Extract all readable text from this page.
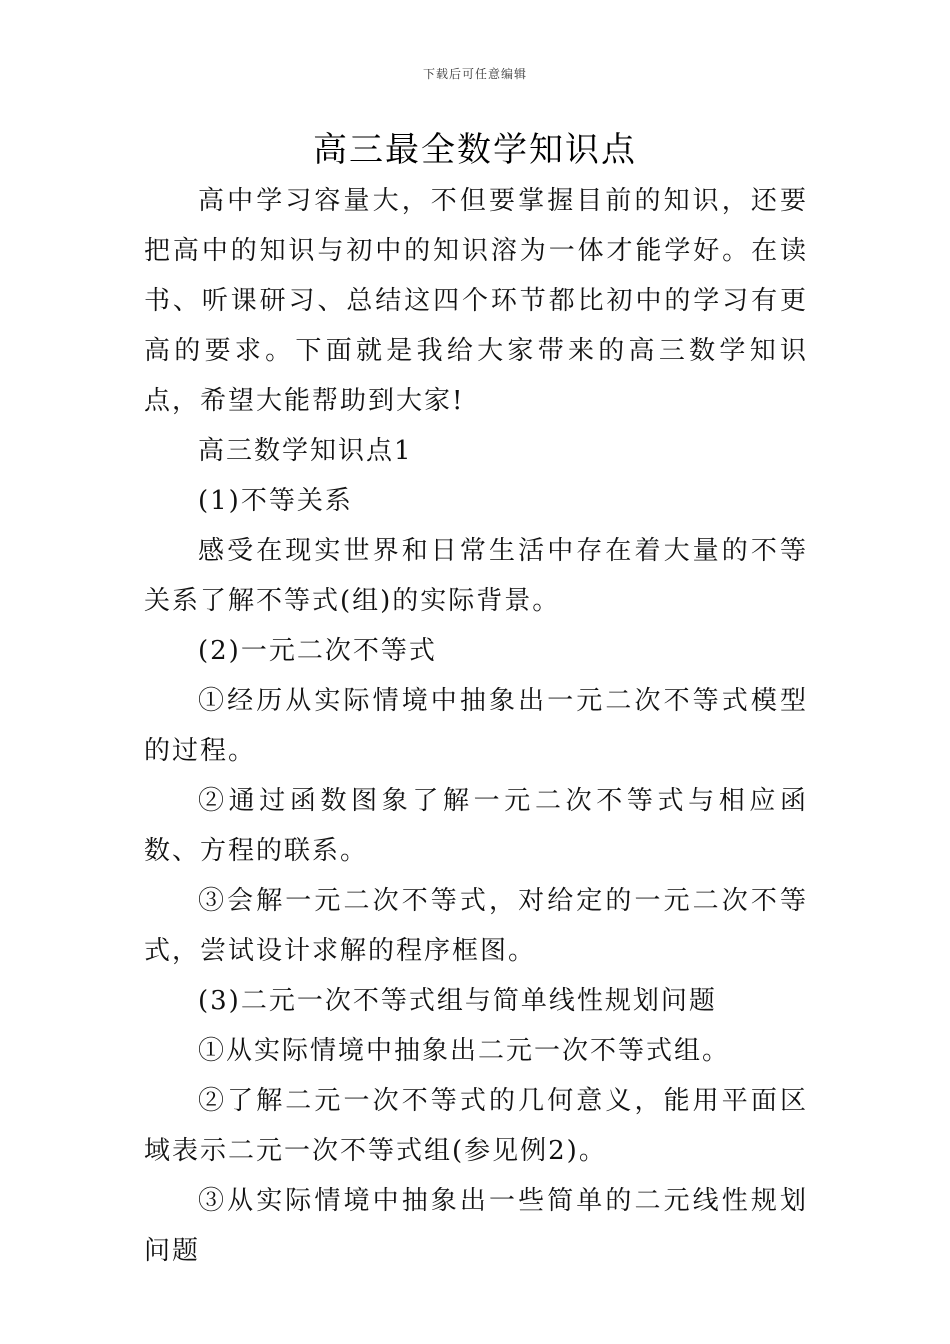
下载后可任意编辑
高三最全数学知识点

高中学习容量大，不但要掌握目前的知识，还要把高中的知识与初中的知识溶为一体才能学好。在读书、听课研习、总结这四个环节都比初中的学习有更高的要求。下面就是我给大家带来的高三数学知识点，希望大能帮助到大家!

高三数学知识点1

(1)不等关系

感受在现实世界和日常生活中存在着大量的不等关系了解不等式(组)的实际背景。

(2)一元二次不等式

①经历从实际情境中抽象出一元二次不等式模型的过程。

②通过函数图象了解一元二次不等式与相应函数、方程的联系。

③会解一元二次不等式，对给定的一元二次不等式，尝试设计求解的程序框图。

(3)二元一次不等式组与简单线性规划问题

①从实际情境中抽象出二元一次不等式组。

②了解二元一次不等式的几何意义，能用平面区域表示二元一次不等式组(参见例2)。

③从实际情境中抽象出一些简单的二元线性规划问题
